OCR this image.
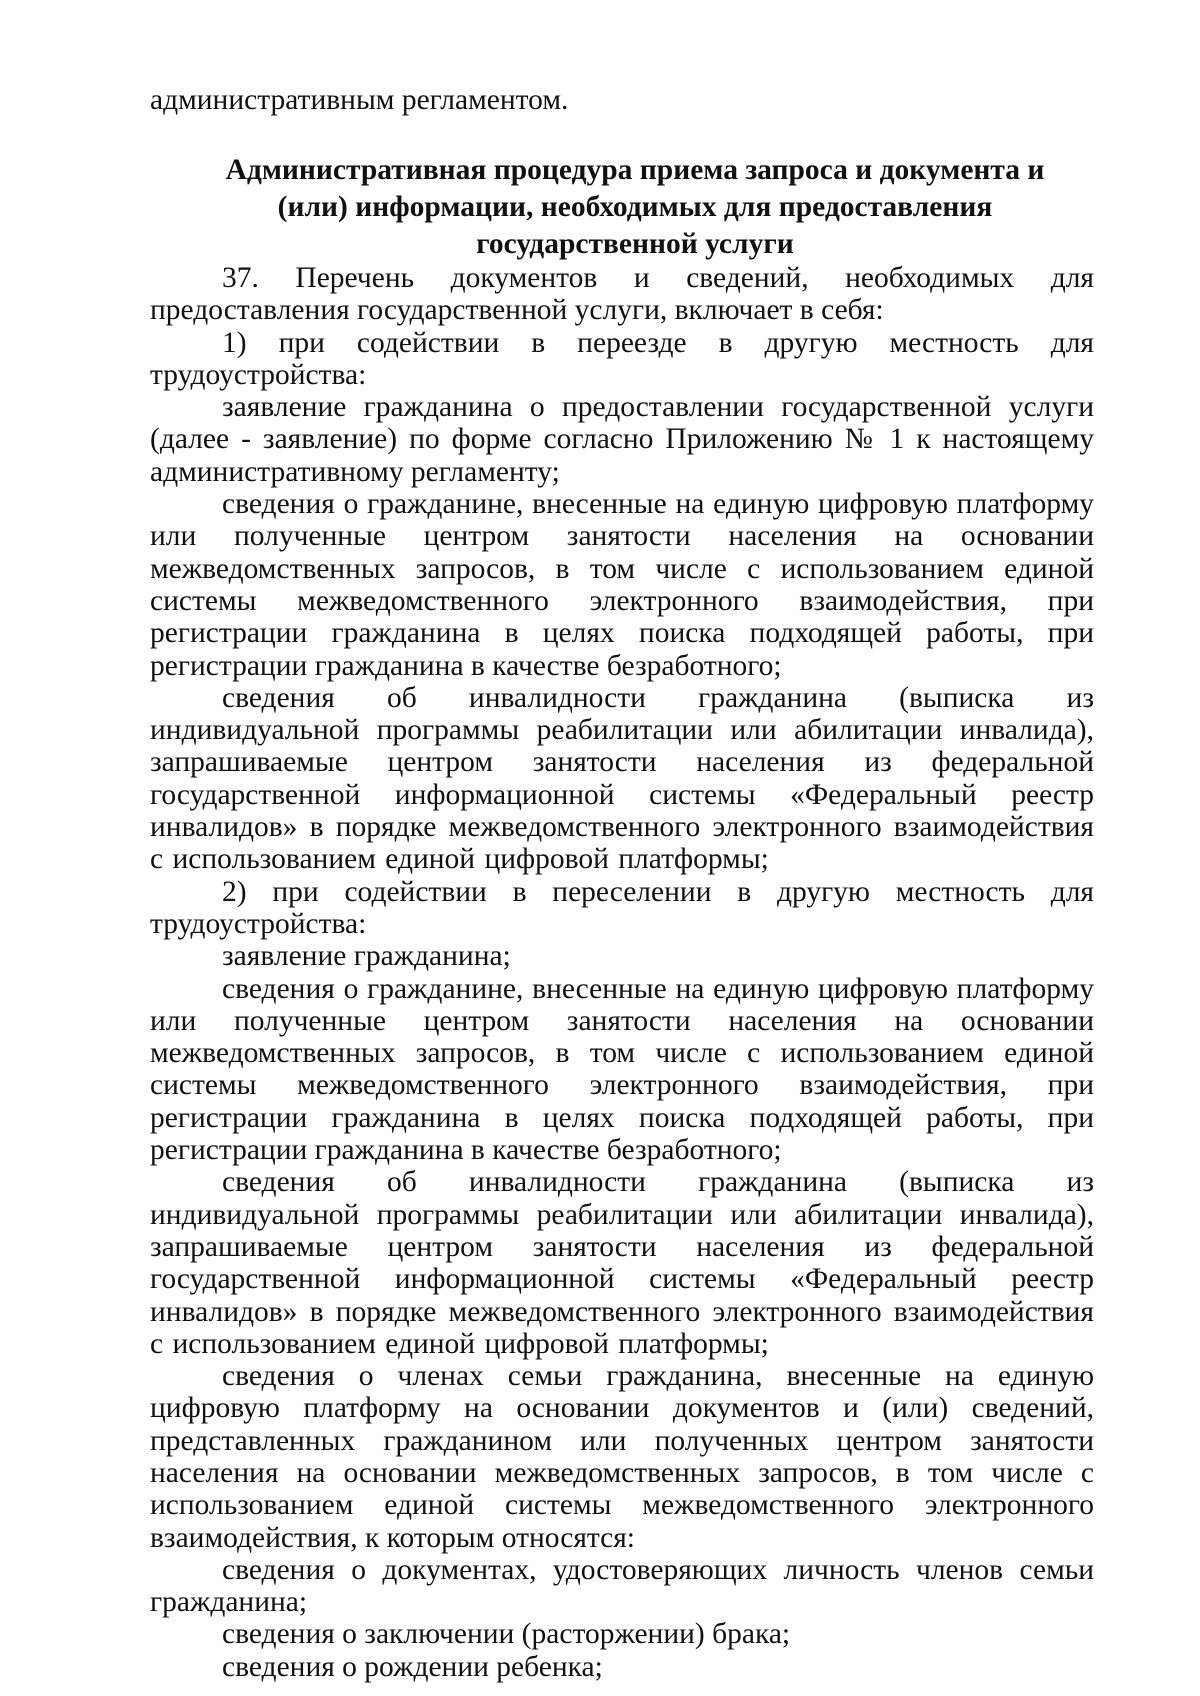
административным регламентом.

Административная процедура приема запроса и документа и (или) информации, необходимых для предоставления государственной услуги

37. Перечень документов и сведений, необходимых для предоставления государственной услуги, включает в себя:

1) при содействии в переезде в другую местность для трудоустройства:

заявление гражданина о предоставлении государственной услуги (далее - заявление) по форме согласно Приложению № 1 к настоящему административному регламенту;

сведения о гражданине, внесенные на единую цифровую платформу или полученные центром занятости населения на основании межведомственных запросов, в том числе с использованием единой системы межведомственного электронного взаимодействия, при регистрации гражданина в целях поиска подходящей работы, при регистрации гражданина в качестве безработного;

сведения об инвалидности гражданина (выписка из индивидуальной программы реабилитации или абилитации инвалида), запрашиваемые центром занятости населения из федеральной государственной информационной системы «Федеральный реестр инвалидов» в порядке межведомственного электронного взаимодействия с использованием единой цифровой платформы;

2) при содействии в переселении в другую местность для трудоустройства:

заявление гражданина;

сведения о гражданине, внесенные на единую цифровую платформу или полученные центром занятости населения на основании межведомственных запросов, в том числе с использованием единой системы межведомственного электронного взаимодействия, при регистрации гражданина в целях поиска подходящей работы, при регистрации гражданина в качестве безработного;

сведения об инвалидности гражданина (выписка из индивидуальной программы реабилитации или абилитации инвалида), запрашиваемые центром занятости населения из федеральной государственной информационной системы «Федеральный реестр инвалидов» в порядке межведомственного электронного взаимодействия с использованием единой цифровой платформы;

сведения о членах семьи гражданина, внесенные на единую цифровую платформу на основании документов и (или) сведений, представленных гражданином или полученных центром занятости населения на основании межведомственных запросов, в том числе с использованием единой системы межведомственного электронного взаимодействия, к которым относятся:

сведения о документах, удостоверяющих личность членов семьи гражданина;

сведения о заключении (расторжении) брака;

сведения о рождении ребенка;
